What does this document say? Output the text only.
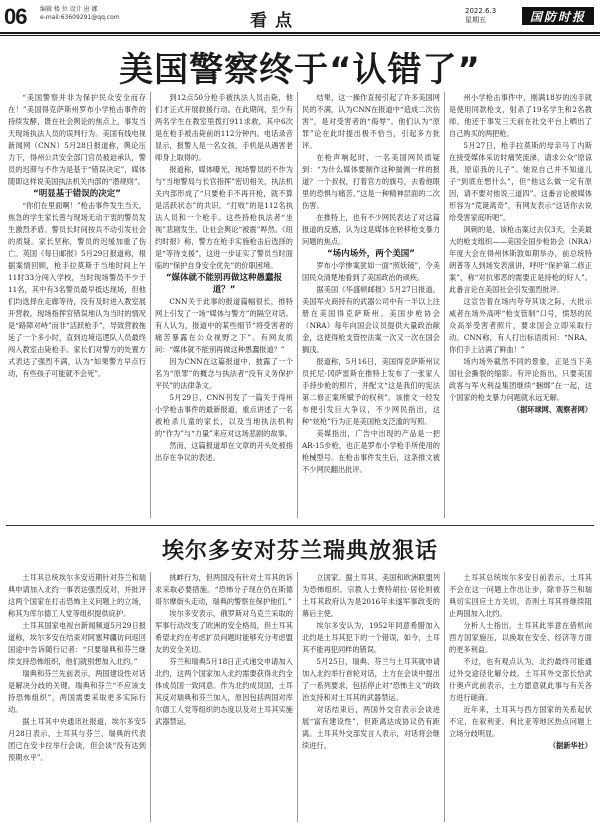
06 编辑 楼 位 设计 唐 娜
e-mail:63609291@qq.com	看点	2022.6.3
星期五	国防时报
美国警察终于“认错了”

“美国警察并非为保护民众安全而存在！”美国得克萨斯州罗布小学枪击事件的持续发酵，既在社会舆论的焦点上，事发当天现场执法人员的误判行为。美国有线电视新闻网（CNN）5月28日报道称，舆论压力下，得州公共安全部门官员被迫承认，警员的迟滞与不作为是基于“错误决定”，媒体随即这样说美国执法机关内部的“潜规则”。

“明显基于错误的决定”

“你们在里面啊！”枪击事件发生当天，焦急的学生家长曾与现场无动于衷的警员发生激烈矛盾。警员长时间按兵不动引发社会的质疑。家长坚称，警员的迟缓加重了伤亡。英国《每日邮报》5月29日报道称，根据案情回顾，枪手拉莫斯于当地时间上午11时33分闯入学校，当时现场警员不少于11名，其中有3名警员最早抵达现场，但他们均选择在走廊等待，没有及时进入教室展开营救。现场指挥官错误地认为当时的情况是“路障对峙”而非“活跃枪手”，导致营救拖延了一个多小时，直到边境巡逻队人员最终闯入教室击毙枪手。家长们对警方的处置方式表达了强烈不满，认为“如果警方早点行动，有些孩子可能就不会死”。

到12点50分枪手被执法人员击毙，他们才正式开展救援行动。在此期间，至少有两名学生在教室里拨打911求救，其中6次是在枪手被击毙前的112分钟内。电话录音显示，报警人是一名女孩，手机是从遇害老师身上取得的。

报道称，媒体曝光，现场警员的不作为与“当地警局与长官指挥”密切相关，执法机关内部形成了“只要枪手不再开枪，就不算是活跃状态”的共识。“打败”的是112名执法人员和一个枪手。这些持枪执法者“坐视”悲剧发生，让社会舆论“被震”哗然。《纽约时报》称，警方在枪手实施枪击后选择的是“等待支援”，这进一步证实了警员当时面临的“保护自身安全优先”的价职困境。

“媒体就不能别再做这种愚蠢报道？”

CNN关于此事的报道篇幅很长，推特网上引发了一场“媒体与警方”的隔空对话。有人认为，报道中的某些细节“将受害者的痛苦暴露在公众视野之下”。有网友质问：“媒体就不能别再做这种愚蠢报道？”

因为CNN在这篇报道中，披露了一个名为“原罪”的概念与执法者“没有义务保护平民”的法律条文。

5月29日，CNN刊发了一篇关于得州小学枪击事件的最新报道，重点讲述了一名被枪杀儿童的家长，以及当地执法机构的“作为”与“力量”来应对这场悲剧的故事。

然而，这篇报道却在文章的开头处被指出存在争议的表述。

结果，这一操作直接引起了许多美国网民的不满，认为CNN在报道中“造成二次伤害”，是对受害者的“侮辱”。他们认为“原罪”论在此时提出极不恰当，引起多方批评。

在枪声响起时，一名美国网民质疑到：“为什么媒体要制作这种揣测一样的报道？一个叔叔，打着官方的旗号，去看他眼里的恐惧与痛苦。”这是一种精神层面的二次伤害。

在推特上，也有不少网民表达了对这篇报道的反感，认为这是媒体在转移枪支暴力问题的焦点。

“场内场外，两个美国”

罗布小学惨案犹如一面“照妖镜”，令美国民众清楚地看到了美国政治的顽疾。

据美国《华盛顿邮报》5月27日报道，美国军火商持有的武器公司中有一半以上注册在美国得克萨斯州。美国步枪协会（NRA）每年向国会议员提供大量政治献金，这使得枪支管控法案一次又一次在国会搁浅。

报道称，5月16日，美国得克萨斯州议员托尼·冈萨雷斯在推特上发布了一张家人手持步枪的照片，并配文“这是我们的宪法第二修正案所赋予的权利”。该推文一经发布便引发巨大争议，不少网民指出，这种“炫枪”行为正是美国枪支泛滥的写照。

美媒指出，广告中出现的产品是一把AR-15步枪，也正是罗布小学枪手所使用的枪械型号。在枪击事件发生后，这条推文被不少网民翻出批评。

州小学枪击事件中，刚满18岁的凶手就是使用同款枪支，射杀了19名学生和2名教师。他还于事发三天前在社交平台上晒出了自己购买的两把枪。

5月27日，枪手拉莫斯的母亲马丁内斯在接受媒体采访时痛哭流涕，请求公众“原谅我，原谅我的儿子”。她说自己并不知道儿子“到底在想什么”，但“他这么做一定有原因，请不要对他说三道四”。这番言论被媒体形容为“荒诞离奇”，有网友表示“这话你去说给受害家庭听吧”。

讽刺的是，该枪击案过去仅3天，全美最大的枪支组织——美国全国步枪协会（NRA）年度大会在得州休斯敦如期举办，前总统特朗普等人到场发表演讲，呼吁“保护第二修正案”，称“对抗邪恶的需要正是持枪的好人”。此番言论在美国社会引发强烈批评。

这宣告着在场内夸夸其谈之际，大批示威者在场外高呼“枪支管制”口号，愤怒的民众高举受害者照片，要求国会立即采取行动。CNN称，有人打出标语质问：“NRA，你们手上沾满了鲜血！”

场内场外截然不同的景象，正是当下美国社会撕裂的缩影。有评论指出，只要美国政客与军火利益集团继续“捆绑”在一起，这个国家的枪支暴力问题就永远无解。

（据环球网、观察者网）

埃尔多安对芬兰瑞典放狠话

土耳其总统埃尔多安近期针对芬兰和瑞典申请加入北约一事表达强烈反对，并批评这两个国家在打击恐怖主义问题上的立场，称其为库尔德工人党等组织提供庇护。

土耳其国家电视台新闻频道5月29日报道称，埃尔多安在结束对阿塞拜疆访问返回国途中告诉随行记者：“只要瑞典和芬兰继续支持恐怖组织，他们就别想加入北约。”

瑞典和芬兰先前表示，两国建设性对话是解决分歧的关键。瑞典和芬兰“不应该支持恐怖组织”，两国需要采取更多实际行动。

据土耳其中央通讯社报道，埃尔多安5月28日表示，土耳其与芬兰、瑞典的代表团已在安卡拉举行会谈，但会谈“没有达到预期水平”。

挑衅行为，但两国没有针对土耳其的诉求采取必要措施。“恐怖分子现在仍在斯德哥尔摩街头走动，瑞典的警察在保护他们。”

埃尔多安表示，俄罗斯对乌克兰采取的军事行动改变了欧洲的安全格局，但土耳其希望北约在考虑扩员问题时能够充分考虑盟友的安全关切。

芬兰和瑞典5月18日正式递交申请加入北约，这两个国家加入北约需要获得北约全体成员国一致同意。作为北约成员国，土耳其反对瑞典和芬兰加入，原因包括两国对库尔德工人党等组织的态度以及对土耳其实施武器禁运。

立国家。据土耳其、美国和欧洲联盟列为恐怖组织。宗教人士费特胡拉·居伦则被土耳其政府认为是2016年未遂军事政变的幕后主使。

埃尔多安认为，1952年同意希腊加入北约是土耳其犯下的一个错误，如今，土耳其不能再犯同样的错误。

5月25日，瑞典、芬兰与土耳其就申请加入北约举行首轮对话，土方在会谈中提出了一系列要求，包括停止对“恐怖主义”的政治支持和对土耳其的武器禁运。

对话结束后，两国外交官表示会谈进展“富有建设性”，但距离达成协议仍有距离。土耳其外交部发言人表示，对话将会继续进行。

土耳其总统埃尔多安日前表示，土耳其不会在这一问题上作出让步，除非芬兰和瑞典切实回应土方关切，否则土耳其将继续阻止两国加入北约。

分析人士指出，土耳其此举意在借机向西方国家施压，以换取在安全、经济等方面的更多利益。

不过，也有观点认为，北约最终可能通过外交途径化解分歧。土耳其外交部长恰武什奥卢此前表示，土方愿意就此事与有关各方进行磋商。

近年来，土耳其与西方国家的关系起伏不定，在叙利亚、利比亚等地区热点问题上立场分歧明显。

（据新华社）
